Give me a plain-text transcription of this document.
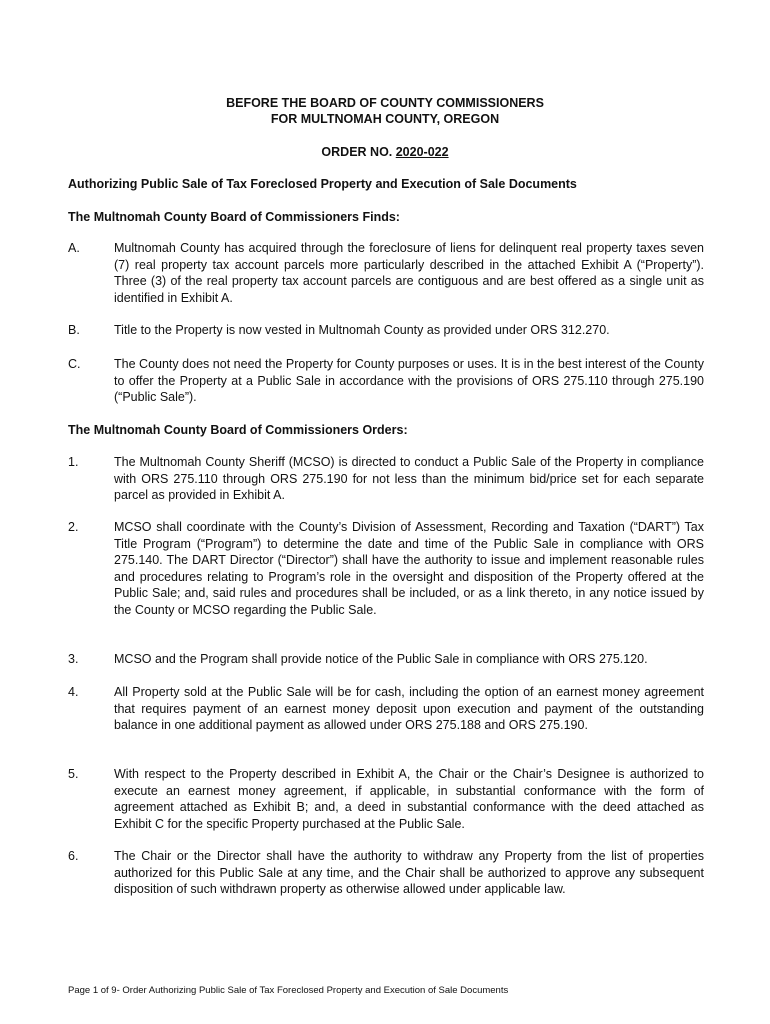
BEFORE THE BOARD OF COUNTY COMMISSIONERS
FOR MULTNOMAH COUNTY, OREGON
ORDER NO. 2020-022
Authorizing Public Sale of Tax Foreclosed Property and Execution of Sale Documents
The Multnomah County Board of Commissioners Finds:
A.	Multnomah County has acquired through the foreclosure of liens for delinquent real property taxes seven (7) real property tax account parcels more particularly described in the attached Exhibit A (“Property”). Three (3) of the real property tax account parcels are contiguous and are best offered as a single unit as identified in Exhibit A.
B.	Title to the Property is now vested in Multnomah County as provided under ORS 312.270.
C.	The County does not need the Property for County purposes or uses. It is in the best interest of the County to offer the Property at a Public Sale in accordance with the provisions of ORS 275.110 through 275.190 (“Public Sale”).
The Multnomah County Board of Commissioners Orders:
1.	The Multnomah County Sheriff (MCSO) is directed to conduct a Public Sale of the Property in compliance with ORS 275.110 through ORS 275.190 for not less than the minimum bid/price set for each separate parcel as provided in Exhibit A.
2.	MCSO shall coordinate with the County’s Division of Assessment, Recording and Taxation (“DART”) Tax Title Program (“Program”) to determine the date and time of the Public Sale in compliance with ORS 275.140. The DART Director (“Director”) shall have the authority to issue and implement reasonable rules and procedures relating to Program’s role in the oversight and disposition of the Property offered at the Public Sale; and, said rules and procedures shall be included, or as a link thereto, in any notice issued by the County or MCSO regarding the Public Sale.
3.	MCSO and the Program shall provide notice of the Public Sale in compliance with ORS 275.120.
4.	All Property sold at the Public Sale will be for cash, including the option of an earnest money agreement that requires payment of an earnest money deposit upon execution and payment of the outstanding balance in one additional payment as allowed under ORS 275.188 and ORS 275.190.
5.	With respect to the Property described in Exhibit A, the Chair or the Chair’s Designee is authorized to execute an earnest money agreement, if applicable, in substantial conformance with the form of agreement attached as Exhibit B; and, a deed in substantial conformance with the deed attached as Exhibit C for the specific Property purchased at the Public Sale.
6.	The Chair or the Director shall have the authority to withdraw any Property from the list of properties authorized for this Public Sale at any time, and the Chair shall be authorized to approve any subsequent disposition of such withdrawn property as otherwise allowed under applicable law.
Page 1 of 9- Order Authorizing Public Sale of Tax Foreclosed Property and Execution of Sale Documents
